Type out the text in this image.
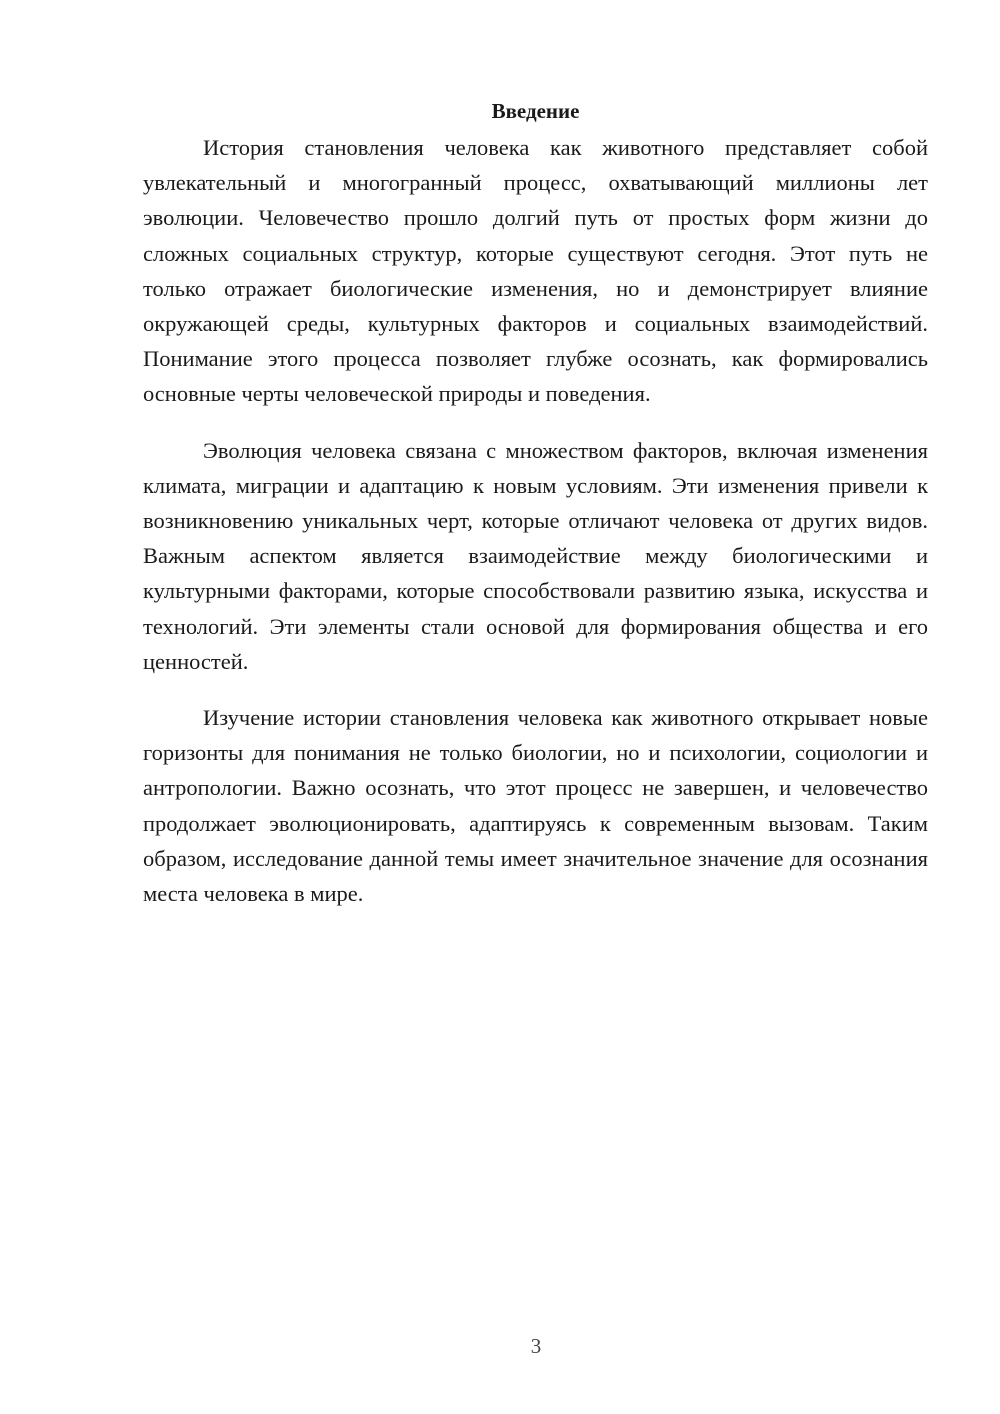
Введение

История становления человека как животного представляет собой увлекательный и многогранный процесс, охватывающий миллионы лет эволюции. Человечество прошло долгий путь от простых форм жизни до сложных социальных структур, которые существуют сегодня. Этот путь не только отражает биологические изменения, но и демонстрирует влияние окружающей среды, культурных факторов и социальных взаимодействий. Понимание этого процесса позволяет глубже осознать, как формировались основные черты человеческой природы и поведения.

Эволюция человека связана с множеством факторов, включая изменения климата, миграции и адаптацию к новым условиям. Эти изменения привели к возникновению уникальных черт, которые отличают человека от других видов. Важным аспектом является взаимодействие между биологическими и культурными факторами, которые способствовали развитию языка, искусства и технологий. Эти элементы стали основой для формирования общества и его ценностей.

Изучение истории становления человека как животного открывает новые горизонты для понимания не только биологии, но и психологии, социологии и антропологии. Важно осознать, что этот процесс не завершен, и человечество продолжает эволюционировать, адаптируясь к современным вызовам. Таким образом, исследование данной темы имеет значительное значение для осознания места человека в мире.

3
